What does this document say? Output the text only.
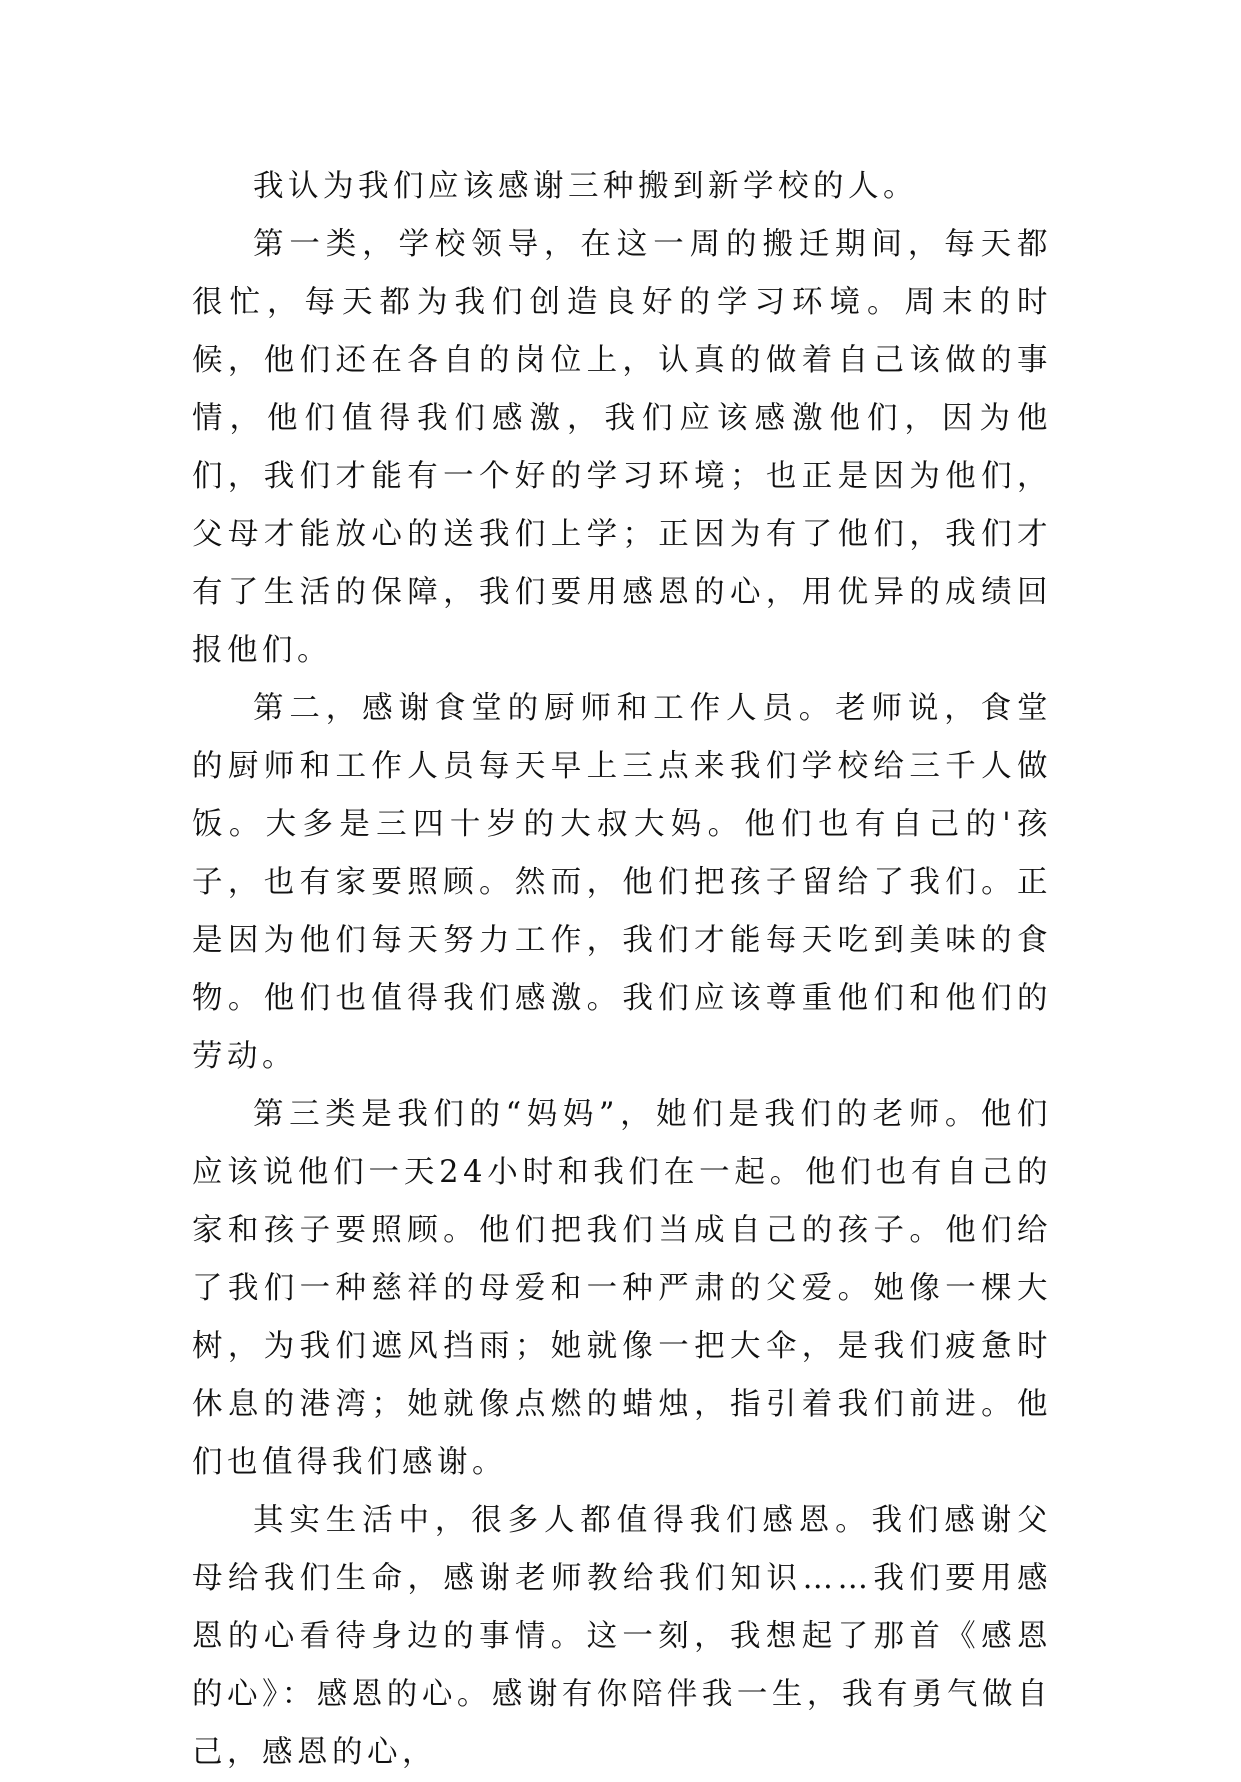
我认为我们应该感谢三种搬到新学校的人。

第一类，学校领导，在这一周的搬迁期间，每天都很忙，每天都为我们创造良好的学习环境。周末的时候，他们还在各自的岗位上，认真的做着自己该做的事情，他们值得我们感激，我们应该感激他们，因为他们，我们才能有一个好的学习环境；也正是因为他们，父母才能放心的送我们上学；正因为有了他们，我们才有了生活的保障，我们要用感恩的心，用优异的成绩回报他们。

第二，感谢食堂的厨师和工作人员。老师说，食堂的厨师和工作人员每天早上三点来我们学校给三千人做饭。大多是三四十岁的大叔大妈。他们也有自己的'孩子，也有家要照顾。然而，他们把孩子留给了我们。正是因为他们每天努力工作，我们才能每天吃到美味的食物。他们也值得我们感激。我们应该尊重他们和他们的劳动。

第三类是我们的“妈妈”，她们是我们的老师。他们应该说他们一天24小时和我们在一起。他们也有自己的家和孩子要照顾。他们把我们当成自己的孩子。他们给了我们一种慈祥的母爱和一种严肃的父爱。她像一棵大树，为我们遮风挡雨；她就像一把大伞，是我们疲惫时休息的港湾；她就像点燃的蜡烛，指引着我们前进。他们也值得我们感谢。

其实生活中，很多人都值得我们感恩。我们感谢父母给我们生命，感谢老师教给我们知识……我们要用感恩的心看待身边的事情。这一刻，我想起了那首《感恩的心》：感恩的心。感谢有你陪伴我一生，我有勇气做自己，感恩的心，
